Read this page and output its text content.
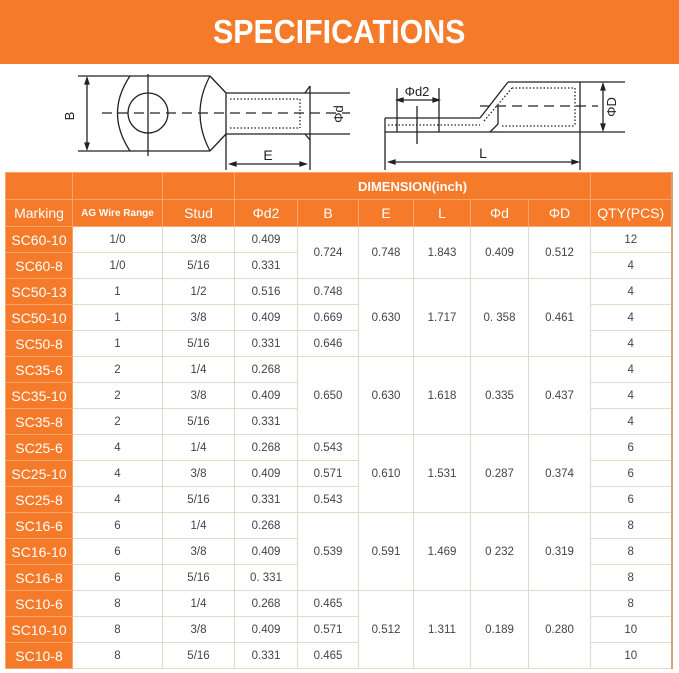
SPECIFICATIONS
B
E
Φd
Φd2
L
ΦD
			DIMENSION(inch)						
Marking	AG Wire Range	Stud	Φd2	B	E	L	Φd	ΦD	QTY(PCS)
SC60-10	1/0	3/8	0.409	0.724	0.748	1.843	0.409	0.512	12
SC60-8	1/0	5/16	0.331						4
SC50-13	1	1/2	0.516	0.748	0.630	1.717	0. 358	0.461	4
SC50-10	1	3/8	0.409	0.669					4
SC50-8	1	5/16	0.331	0.646					4
SC35-6	2	1/4	0.268	0.650	0.630	1.618	0.335	0.437	4
SC35-10	2	3/8	0.409						4
SC35-8	2	5/16	0.331						4
SC25-6	4	1/4	0.268	0.543	0.610	1.531	0.287	0.374	6
SC25-10	4	3/8	0.409	0.571					6
SC25-8	4	5/16	0.331	0.543					6
SC16-6	6	1/4	0.268	0.539	0.591	1.469	0 232	0.319	8
SC16-10	6	3/8	0.409						8
SC16-8	6	5/16	0. 331						8
SC10-6	8	1/4	0.268	0.465	0.512	1.311	0.189	0.280	8
SC10-10	8	3/8	0.409	0.571					10
SC10-8	8	5/16	0.331	0.465					10
